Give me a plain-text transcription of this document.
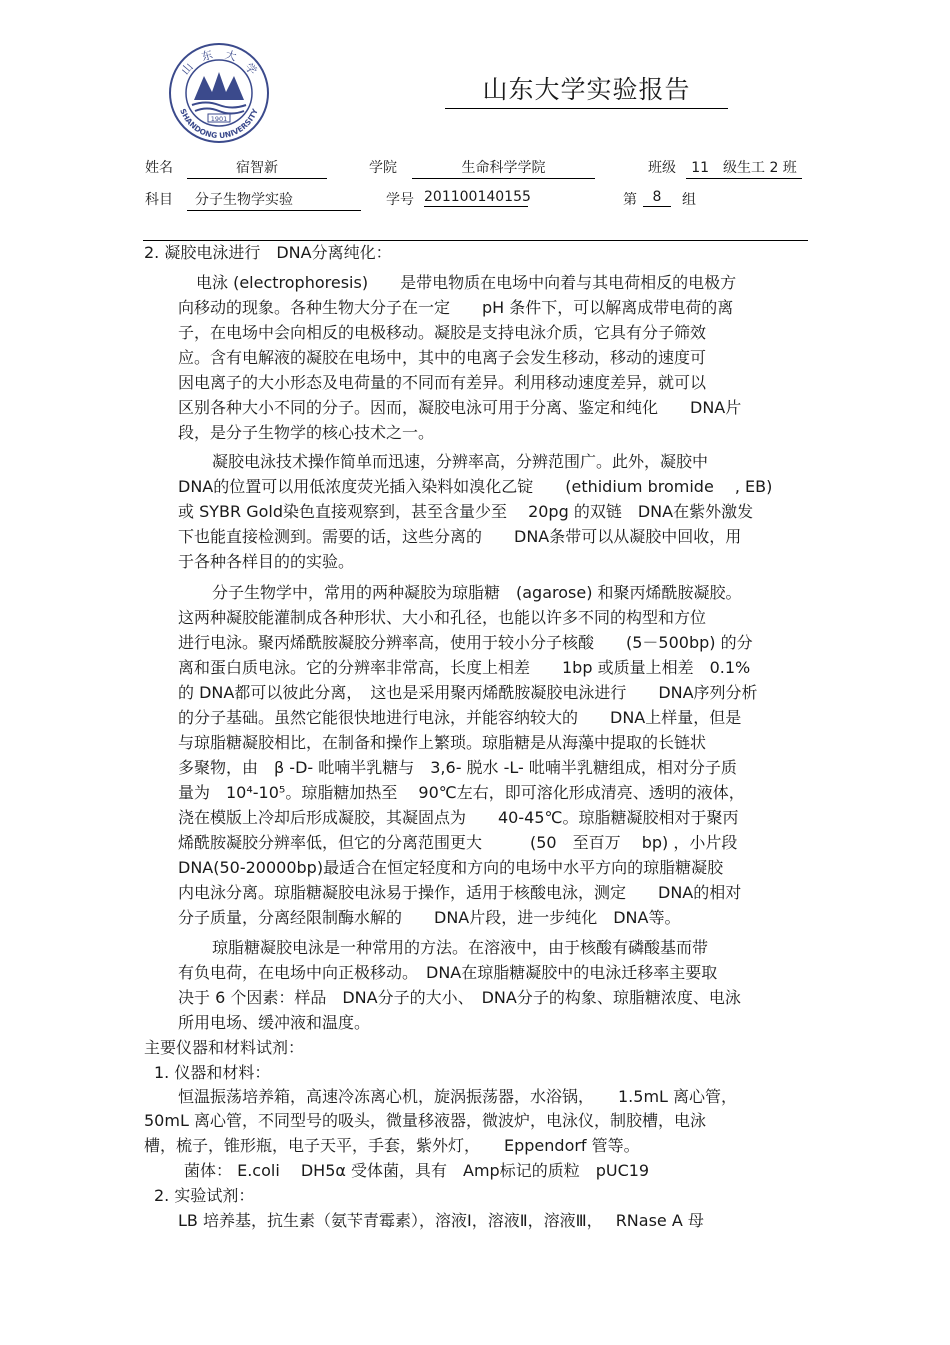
1901
SHANDONG UNIVERSITY
山　东　大　学
山东大学实验报告
姓名	宿智新	学院	生命科学学院	班级	11　级生工 2 班
科目	分子生物学实验	学号 201100140155	第	8	组
2. 凝胶电泳进行　DNA分离纯化：
电泳 (electrophoresis)　　是带电物质在电场中向着与其电荷相反的电极方
向移动的现象。各种生物大分子在一定　　pH 条件下，可以解离成带电荷的离
子，在电场中会向相反的电极移动。凝胶是支持电泳介质，它具有分子筛效
应。含有电解液的凝胶在电场中，其中的电离子会发生移动，移动的速度可
因电离子的大小形态及电荷量的不同而有差异。利用移动速度差异，就可以
区别各种大小不同的分子。因而，凝胶电泳可用于分离、鉴定和纯化　　DNA片
段，是分子生物学的核心技术之一。
凝胶电泳技术操作简单而迅速，分辨率高，分辨范围广。此外，凝胶中
DNA的位置可以用低浓度荧光插入染料如溴化乙锭　　(ethidium bromide　 , EB)
或 SYBR Gold染色直接观察到，甚至含量少至　 20pg 的双链　DNA在紫外激发
下也能直接检测到。需要的话，这些分离的　　DNA条带可以从凝胶中回收，用
于各种各样目的的实验。
分子生物学中，常用的两种凝胶为琼脂糖　(agarose) 和聚丙烯酰胺凝胶。
这两种凝胶能灌制成各种形状、大小和孔径，也能以许多不同的构型和方位
进行电泳。聚丙烯酰胺凝胶分辨率高，使用于较小分子核酸　　(5－500bp) 的分
离和蛋白质电泳。它的分辨率非常高，长度上相差　　1bp 或质量上相差　0.1%
的 DNA都可以彼此分离，　这也是采用聚丙烯酰胺凝胶电泳进行　　DNA序列分析
的分子基础。虽然它能很快地进行电泳，并能容纳较大的　　DNA上样量，但是
与琼脂糖凝胶相比，在制备和操作上繁琐。琼脂糖是从海藻中提取的长链状
多聚物，由　β -D- 吡喃半乳糖与　3,6- 脱水 -L- 吡喃半乳糖组成，相对分子质
量为　10⁴-10⁵。琼脂糖加热至　 90℃左右，即可溶化形成清亮、透明的液体，
浇在模版上冷却后形成凝胶，其凝固点为　　40-45℃。琼脂糖凝胶相对于聚丙
烯酰胺凝胶分辨率低，但它的分离范围更大　　　(50　至百万　 bp) ，小片段
DNA(50-20000bp)最适合在恒定轻度和方向的电场中水平方向的琼脂糖凝胶
内电泳分离。琼脂糖凝胶电泳易于操作，适用于核酸电泳，测定　　DNA的相对
分子质量，分离经限制酶水解的　　DNA片段，进一步纯化　DNA等。
琼脂糖凝胶电泳是一种常用的方法。在溶液中，由于核酸有磷酸基而带
有负电荷，在电场中向正极移动。　DNA在琼脂糖凝胶中的电泳迁移率主要取
决于 6 个因素：样品　DNA分子的大小、　DNA分子的构象、琼脂糖浓度、电泳
所用电场、缓冲液和温度。
主要仪器和材料试剂：
1. 仪器和材料：
恒温振荡培养箱，高速冷冻离心机，旋涡振荡器，水浴锅，　　1.5mL 离心管，
50mL 离心管，不同型号的吸头，微量移液器，微波炉，电泳仪，制胶槽，电泳
槽，梳子，锥形瓶，电子天平，手套，紫外灯，　　Eppendorf 管等。
菌体： E.coli　 DH5α 受体菌，具有　Amp标记的质粒　pUC19
2. 实验试剂：
LB 培养基，抗生素（氨苄青霉素），溶液Ⅰ，溶液Ⅱ，溶液Ⅲ，　 RNase A 母
